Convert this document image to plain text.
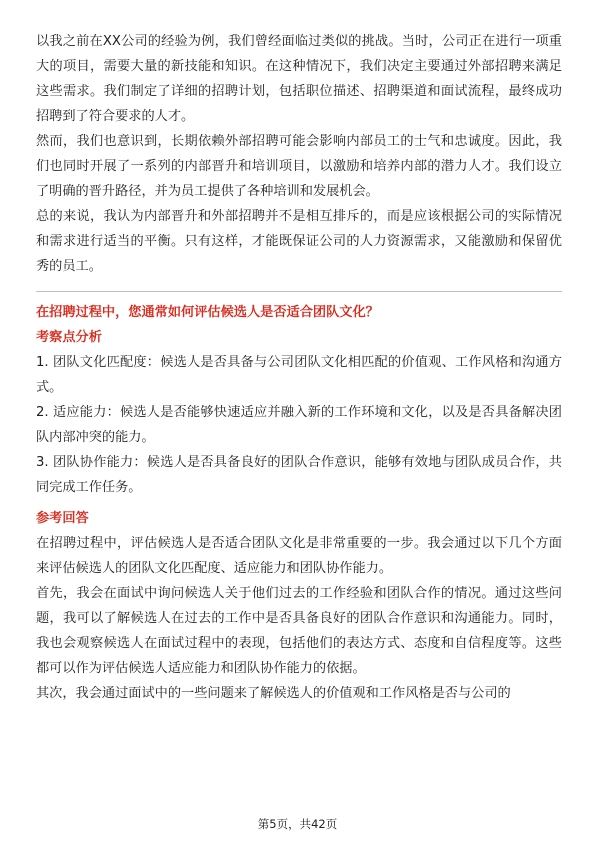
以我之前在XX公司的经验为例，我们曾经面临过类似的挑战。当时，公司正在进行一项重大的项目，需要大量的新技能和知识。在这种情况下，我们决定主要通过外部招聘来满足这些需求。我们制定了详细的招聘计划，包括职位描述、招聘渠道和面试流程，最终成功招聘到了符合要求的人才。

然而，我们也意识到，长期依赖外部招聘可能会影响内部员工的士气和忠诚度。因此，我们也同时开展了一系列的内部晋升和培训项目，以激励和培养内部的潜力人才。我们设立了明确的晋升路径，并为员工提供了各种培训和发展机会。

总的来说，我认为内部晋升和外部招聘并不是相互排斥的，而是应该根据公司的实际情况和需求进行适当的平衡。只有这样，才能既保证公司的人力资源需求，又能激励和保留优秀的员工。

在招聘过程中，您通常如何评估候选人是否适合团队文化？

考察点分析

1. 团队文化匹配度：候选人是否具备与公司团队文化相匹配的价值观、工作风格和沟通方式。

2. 适应能力：候选人是否能够快速适应并融入新的工作环境和文化，以及是否具备解决团队内部冲突的能力。

3. 团队协作能力：候选人是否具备良好的团队合作意识，能够有效地与团队成员合作，共同完成工作任务。

参考回答

在招聘过程中，评估候选人是否适合团队文化是非常重要的一步。我会通过以下几个方面来评估候选人的团队文化匹配度、适应能力和团队协作能力。

首先，我会在面试中询问候选人关于他们过去的工作经验和团队合作的情况。通过这些问题，我可以了解候选人在过去的工作中是否具备良好的团队合作意识和沟通能力。同时，我也会观察候选人在面试过程中的表现，包括他们的表达方式、态度和自信程度等。这些都可以作为评估候选人适应能力和团队协作能力的依据。

其次，我会通过面试中的一些问题来了解候选人的价值观和工作风格是否与公司的

第5页，共42页
